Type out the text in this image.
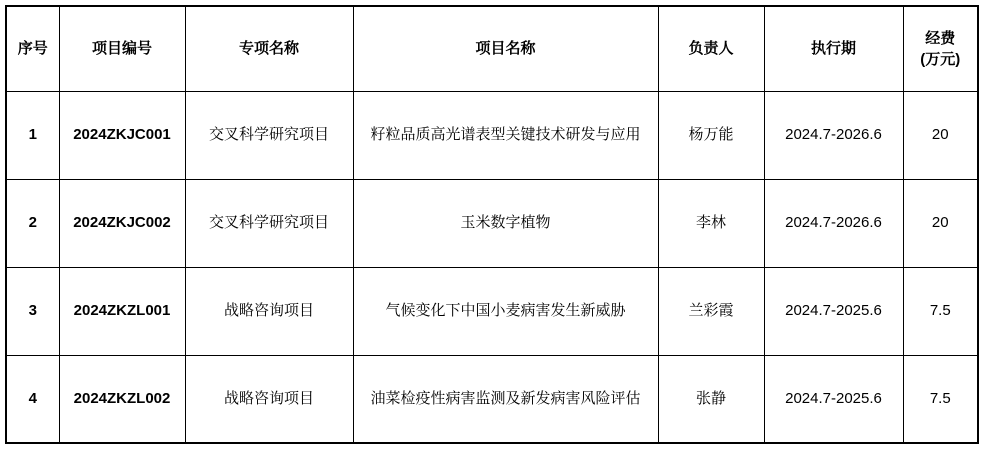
序号	项目编号	专项名称	项目名称	负责人	执行期	经费
(万元)

1	2024ZKJC001	交叉科学研究项目	籽粒品质高光谱表型关键技术研发与应用	杨万能	2024.7-2026.6	20
2	2024ZKJC002	交叉科学研究项目	玉米数字植物	李林	2024.7-2026.6	20
3	2024ZKZL001	战略咨询项目	气候变化下中国小麦病害发生新威胁	兰彩霞	2024.7-2025.6	7.5
4	2024ZKZL002	战略咨询项目	油菜检疫性病害监测及新发病害风险评估	张静	2024.7-2025.6	7.5
